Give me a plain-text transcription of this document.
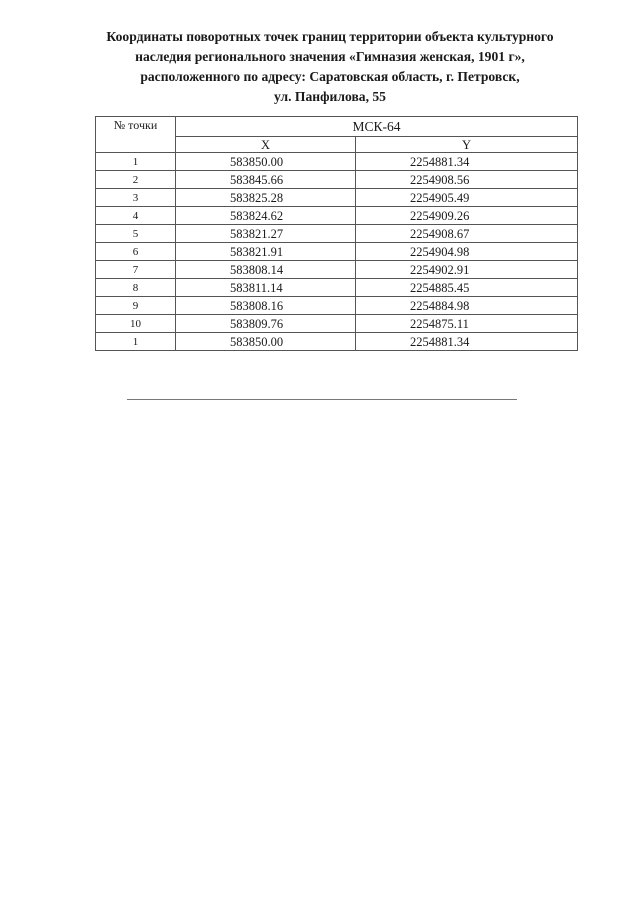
Координаты поворотных точек границ территории объекта культурного
наследия регионального значения «Гимназия женская, 1901 г»,
расположенного по адресу: Саратовская область, г. Петровск,
ул. Панфилова, 55
№ точки	МСК-64	
	X	Y
1	583850.00	2254881.34
2	583845.66	2254908.56
3	583825.28	2254905.49
4	583824.62	2254909.26
5	583821.27	2254908.67
6	583821.91	2254904.98
7	583808.14	2254902.91
8	583811.14	2254885.45
9	583808.16	2254884.98
10	583809.76	2254875.11
1	583850.00	2254881.34
